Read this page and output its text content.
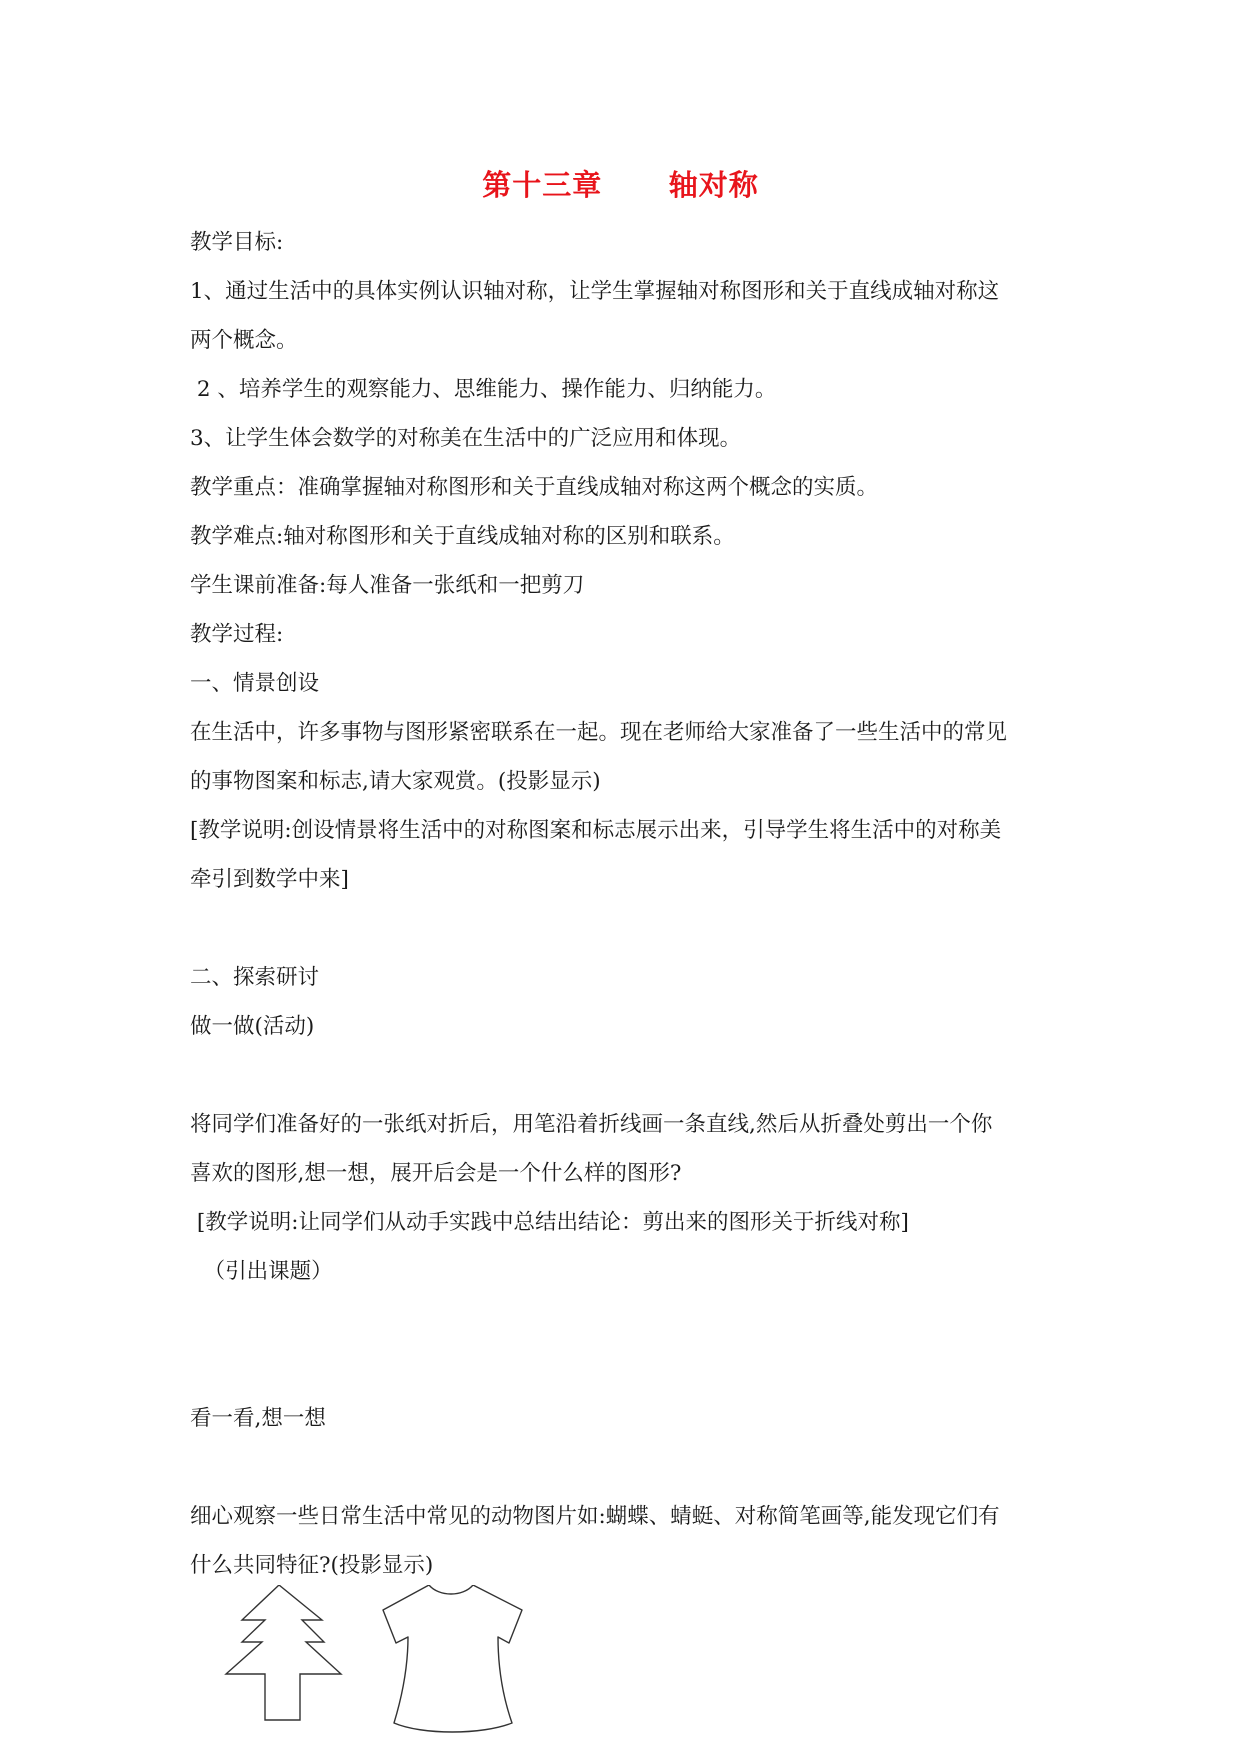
第十三章      轴对称
教学目标:
1、通过生活中的具体实例认识轴对称，让学生掌握轴对称图形和关于直线成轴对称这
两个概念。
2 、培养学生的观察能力、思维能力、操作能力、归纳能力。
3、让学生体会数学的对称美在生活中的广泛应用和体现。
教学重点：准确掌握轴对称图形和关于直线成轴对称这两个概念的实质。
教学难点:轴对称图形和关于直线成轴对称的区别和联系。
学生课前准备:每人准备一张纸和一把剪刀
教学过程:
一、情景创设
在生活中，许多事物与图形紧密联系在一起。现在老师给大家准备了一些生活中的常见
的事物图案和标志,请大家观赏。(投影显示)
[教学说明:创设情景将生活中的对称图案和标志展示出来，引导学生将生活中的对称美
牵引到数学中来]
二、探索研讨
做一做(活动)
将同学们准备好的一张纸对折后，用笔沿着折线画一条直线,然后从折叠处剪出一个你
喜欢的图形,想一想，展开后会是一个什么样的图形?
[教学说明:让同学们从动手实践中总结出结论：剪出来的图形关于折线对称]
（引出课题）
看一看,想一想
细心观察一些日常生活中常见的动物图片如:蝴蝶、蜻蜓、对称简笔画等,能发现它们有
什么共同特征?(投影显示)
